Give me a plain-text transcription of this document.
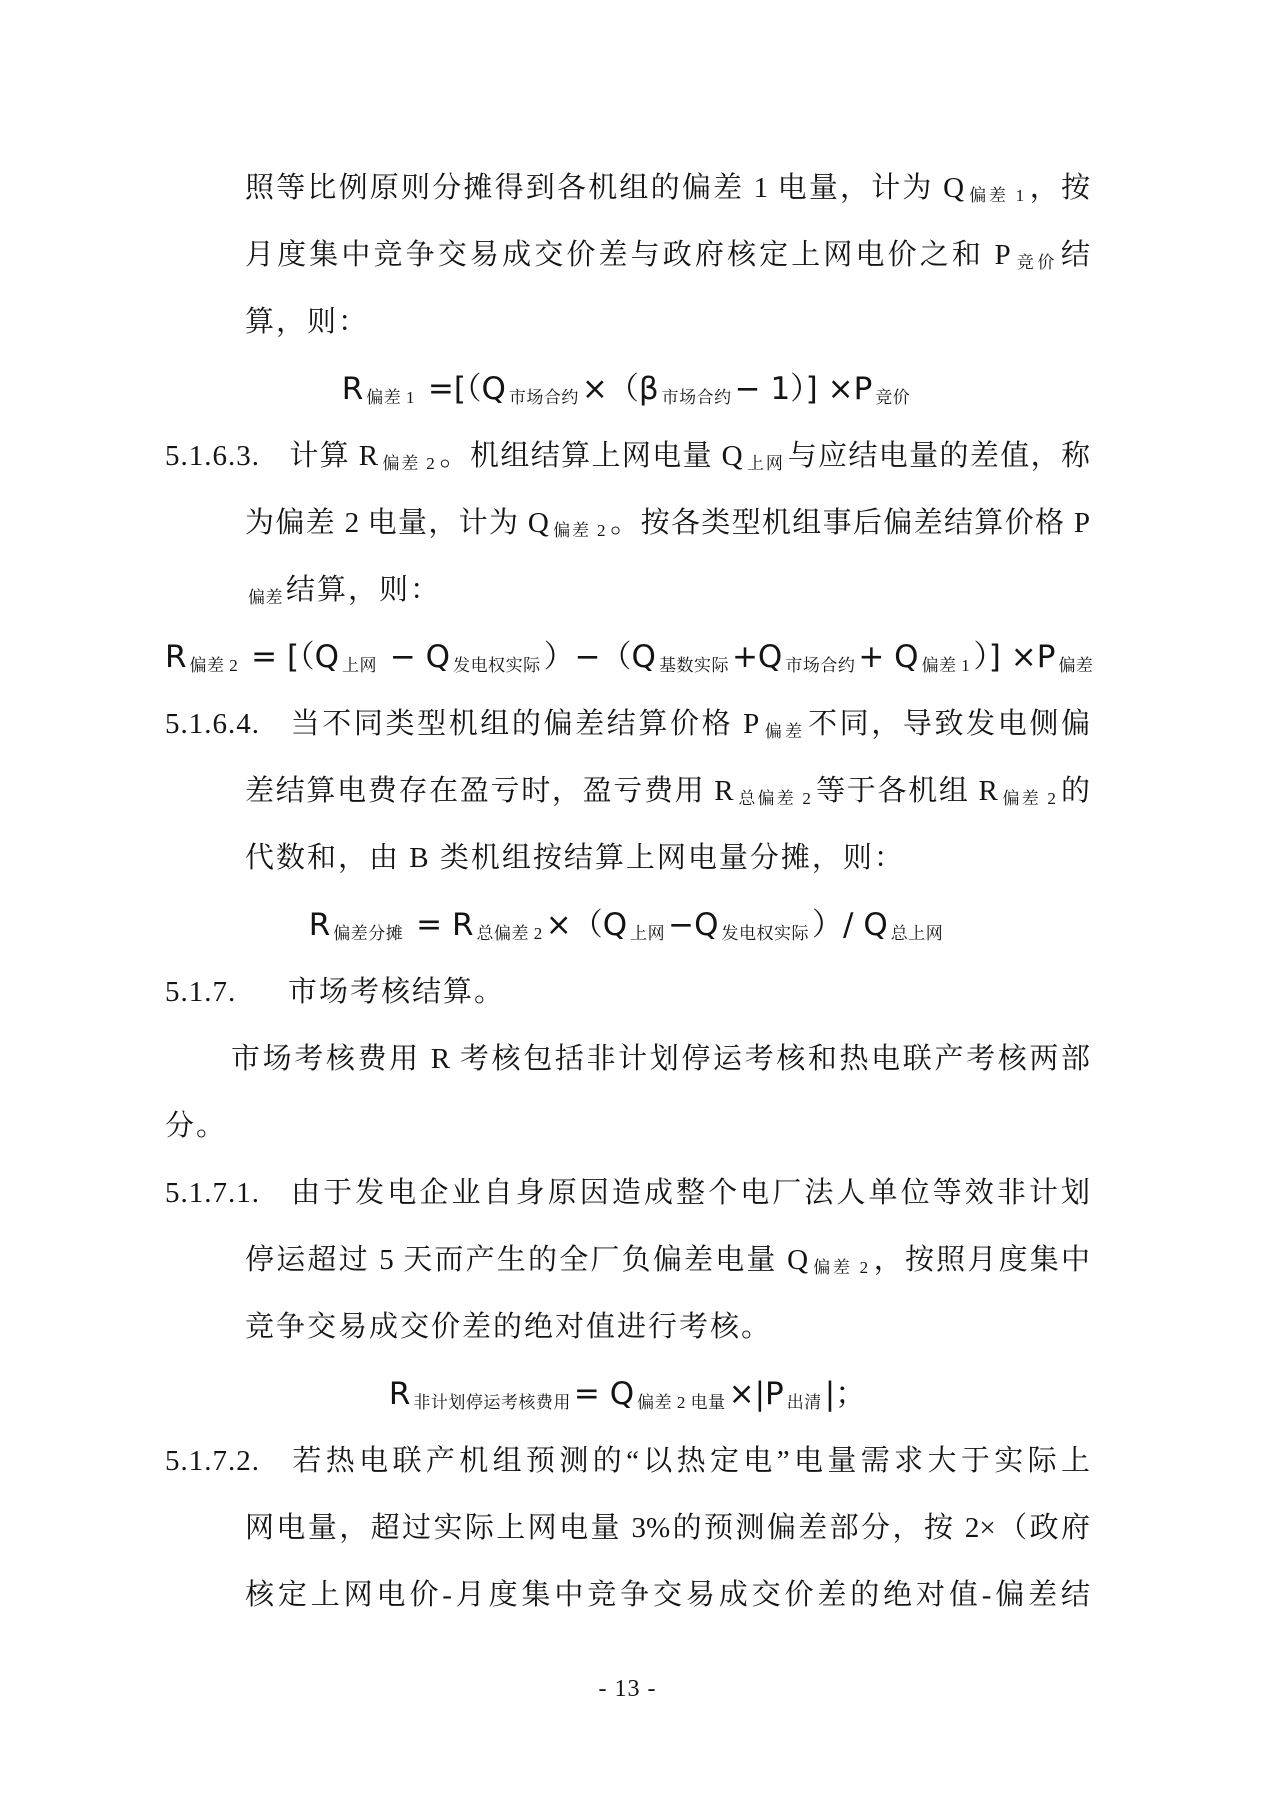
照等比例原则分摊得到各机组的偏差 1 电量，计为 Q $_{偏差 1}$ ，按
月度集中竞争交易成交价差与政府核定上网电价之和 P $_{竞价}$ 结
算，则：
R $_{偏差 1}$ =[（Q $_{市场合约}$×（β $_{市场合约}$− 1）] ×P $_{竞价}$
5.1.6.3. 计算 R $_{偏差 2}$ 。机组结算上网电量 Q $_{上网}$ 与应结电量的差值，称
为偏差 2 电量，计为 Q $_{偏差 2}$ 。按各类型机组事后偏差结算价格 P
$_{偏差}$ 结算，则：
R $_{偏差 2}$ = [（Q $_{上网}$ − Q $_{发电权实际}$）−（Q $_{基数实际}$+Q $_{市场合约}$+ Q $_{偏差 1}$）] ×P $_{偏差}$
5.1.6.4. 当不同类型机组的偏差结算价格 P $_{偏差}$ 不同，导致发电侧偏
差结算电费存在盈亏时，盈亏费用 R $_{总偏差 2}$ 等于各机组 R $_{偏差 2}$ 的
代数和，由 B 类机组按结算上网电量分摊，则：
R $_{偏差分摊}$ = R $_{总偏差 2}$×（Q $_{上网}$−Q $_{发电权实际}$）/ Q $_{总上网}$
5.1.7. 市场考核结算。
市场考核费用 R 考核包括非计划停运考核和热电联产考核两部
分。
5.1.7.1. 由于发电企业自身原因造成整个电厂法人单位等效非计划
停运超过 5 天而产生的全厂负偏差电量 Q $_{偏差 2}$ ，按照月度集中
竞争交易成交价差的绝对值进行考核。
R $_{非计划停运考核费用}$= Q $_{偏差 2 电量}$×|P $_{出清}$|；
5.1.7.2. 若热电联产机组预测的“以热定电”电量需求大于实际上
网电量，超过实际上网电量 3%的预测偏差部分，按 2×（政府
核定上网电价-月度集中竞争交易成交价差的绝对值-偏差结
- 13 -
